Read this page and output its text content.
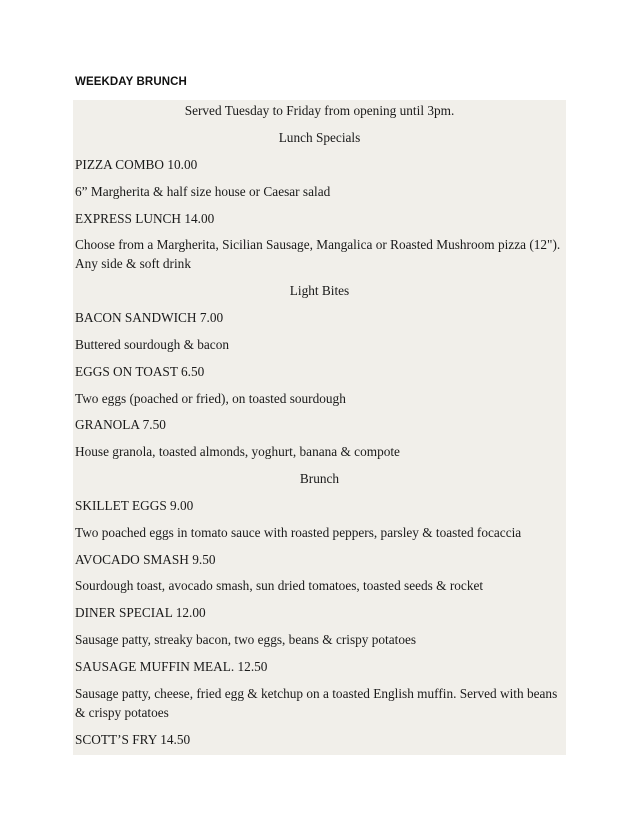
WEEKDAY BRUNCH

Served Tuesday to Friday from opening until 3pm.

Lunch Specials

PIZZA COMBO 10.00

6” Margherita & half size house or Caesar salad

EXPRESS LUNCH 14.00

Choose from a Margherita, Sicilian Sausage, Mangalica or Roasted Mushroom pizza (12"). Any side & soft drink

Light Bites

BACON SANDWICH 7.00

Buttered sourdough & bacon

EGGS ON TOAST 6.50

Two eggs (poached or fried), on toasted sourdough

GRANOLA 7.50

House granola, toasted almonds, yoghurt, banana & compote

Brunch

SKILLET EGGS 9.00

Two poached eggs in tomato sauce with roasted peppers, parsley & toasted focaccia

AVOCADO SMASH 9.50

Sourdough toast, avocado smash, sun dried tomatoes, toasted seeds & rocket

DINER SPECIAL 12.00

Sausage patty, streaky bacon, two eggs, beans & crispy potatoes

SAUSAGE MUFFIN MEAL. 12.50

Sausage patty, cheese, fried egg & ketchup on a toasted English muffin. Served with beans & crispy potatoes

SCOTT’S FRY 14.50
